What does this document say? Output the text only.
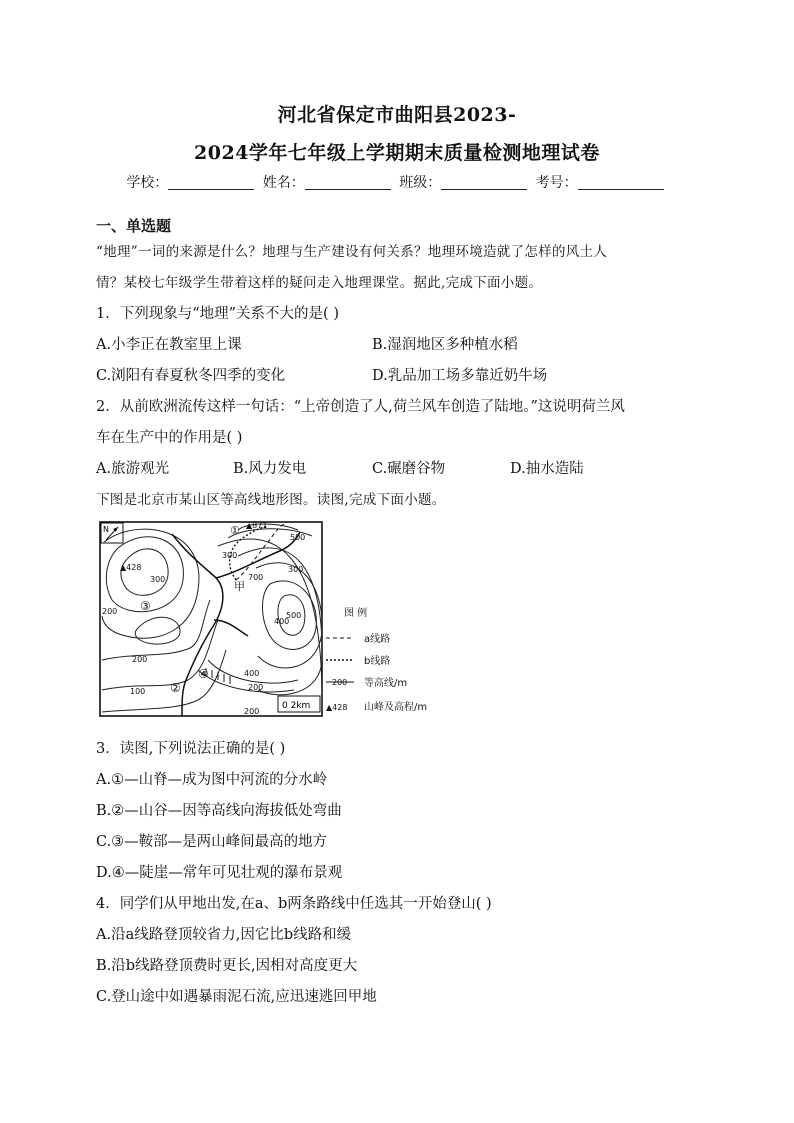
河北省保定市曲阳县2023-
2024学年七年级上学期期末质量检测地理试卷
学校：	姓名：	班级：	考号：
一、单选题
“地理”一词的来源是什么？地理与生产建设有何关系？地理环境造就了怎样的风土人
情？某校七年级学生带着这样的疑问走入地理课堂。据此,完成下面小题。
1．下列现象与“地理”关系不大的是( )
A.小李正在教室里上课	B.湿润地区多种植水稻
C.浏阳有春夏秋冬四季的变化	D.乳品加工场多靠近奶牛场
2．从前欧洲流传这样一句话：“上帝创造了人,荷兰风车创造了陆地。”这说明荷兰风
车在生产中的作用是( )
A.旅游观光	B.风力发电	C.碾磨谷物	D.抽水造陆
下图是北京市某山区等高线地形图。读图,完成下面小题。
N
▲428
▲871
500
500
300
300
300
200
200
200
100
400
400
700
200
甲
①
②
③
④
0 2km
图 例
a线路
b线路
200 等高线/m
▲428 山峰及高程/m
3．读图,下列说法正确的是( )
A.①—山脊—成为图中河流的分水岭
B.②—山谷—因等高线向海拔低处弯曲
C.③—鞍部—是两山峰间最高的地方
D.④—陡崖—常年可见壮观的瀑布景观
4．同学们从甲地出发,在a、b两条路线中任选其一开始登山( )
A.沿a线路登顶较省力,因它比b线路和缓
B.沿b线路登顶费时更长,因相对高度更大
C.登山途中如遇暴雨泥石流,应迅速逃回甲地
